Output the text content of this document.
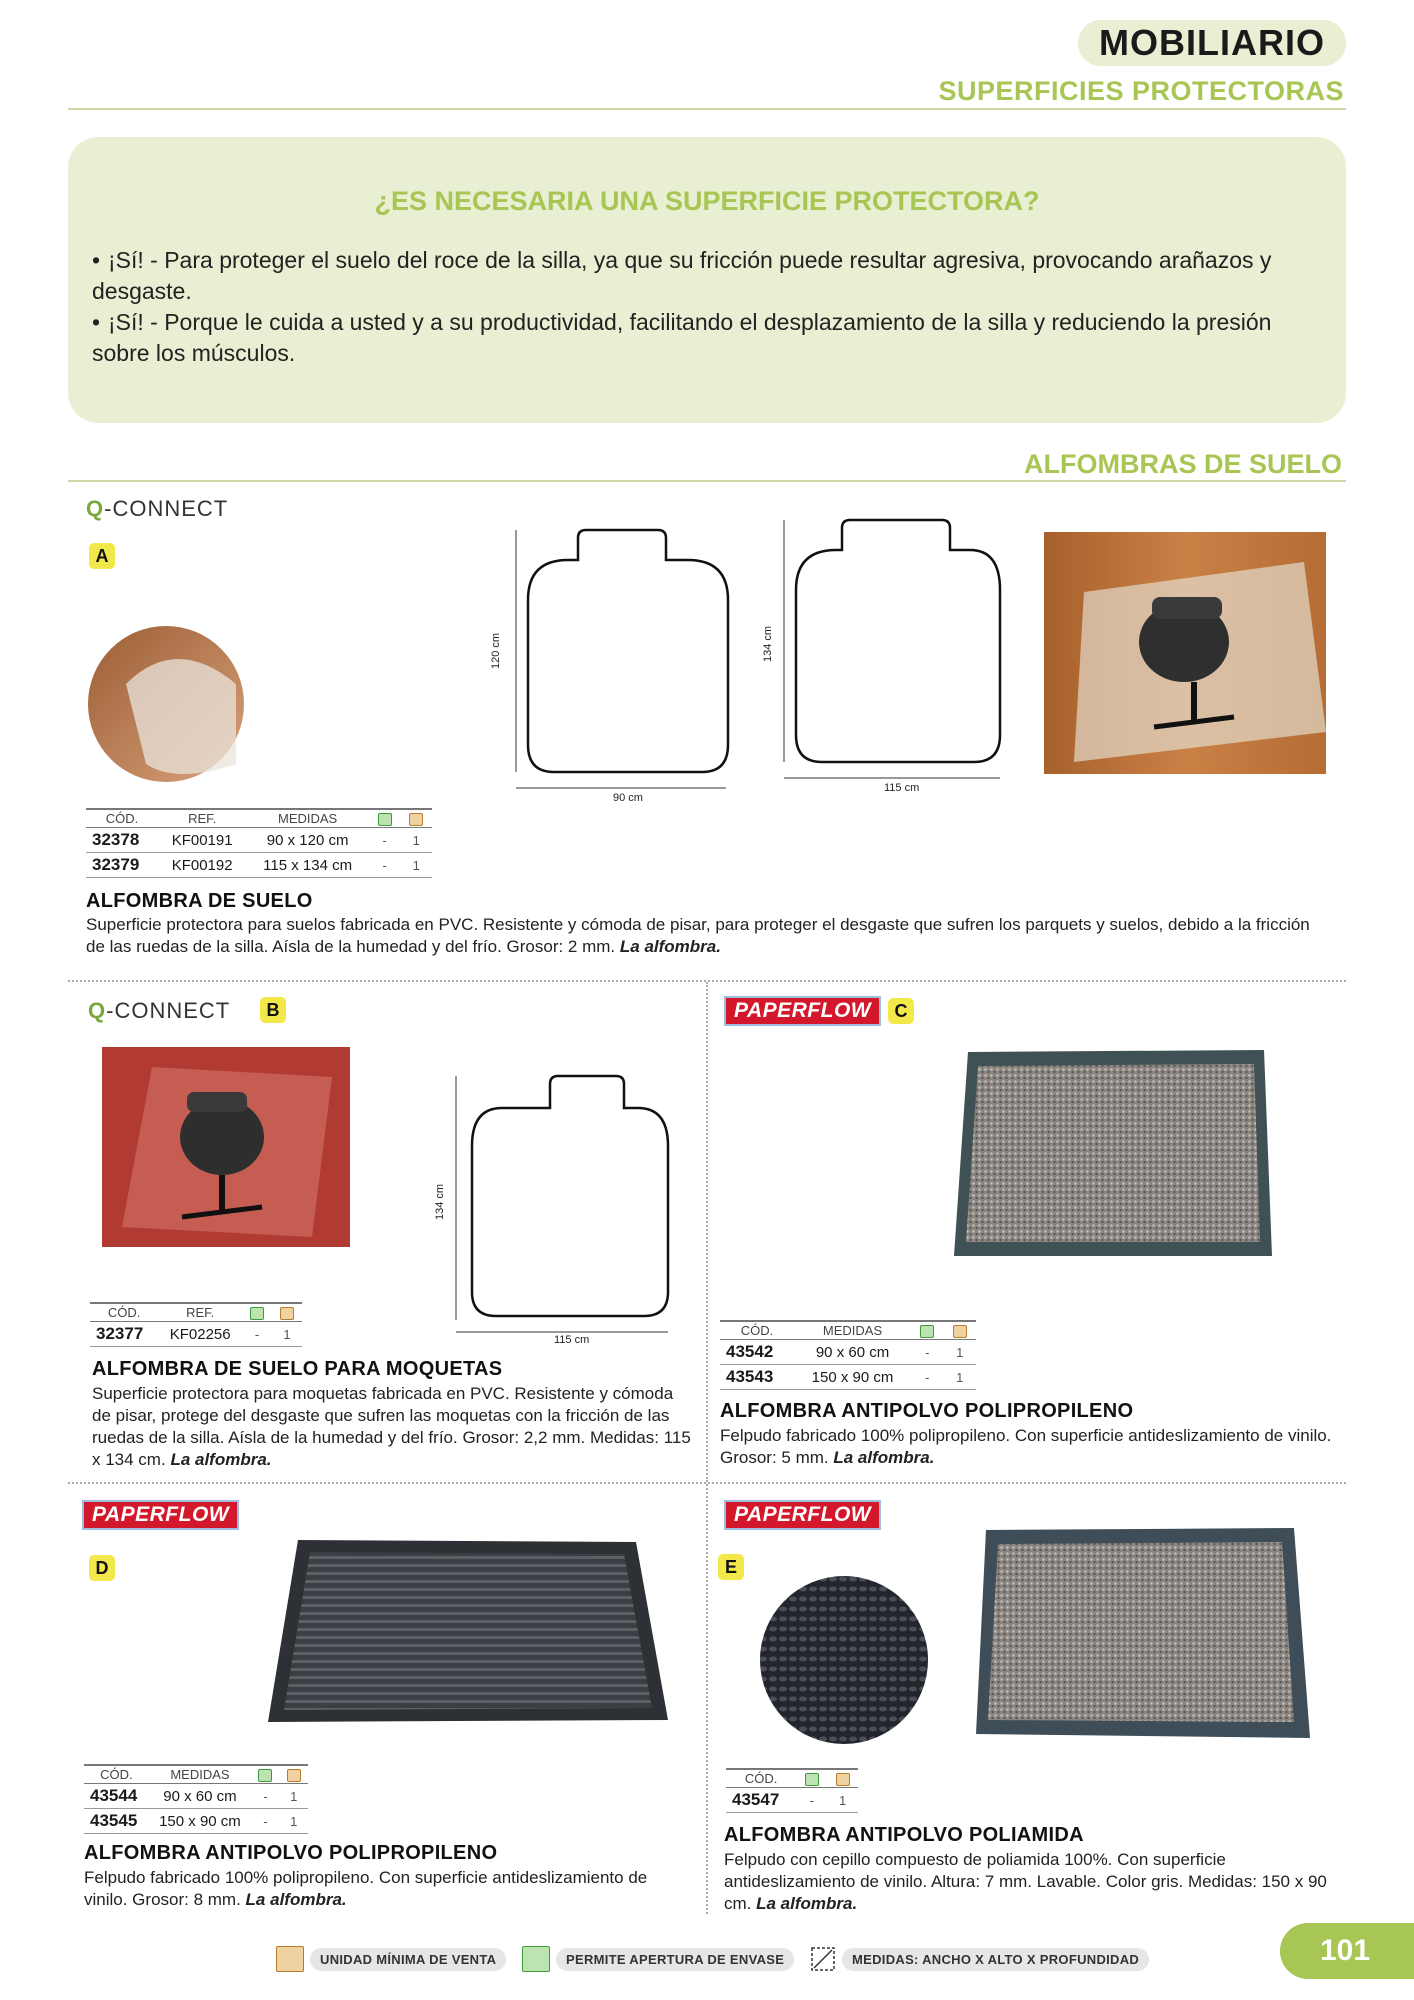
MOBILIARIO
SUPERFICIES PROTECTORAS
¿ES NECESARIA UNA SUPERFICIE PROTECTORA?
• ¡Sí! - Para proteger el suelo del roce de la silla, ya que su fricción puede resultar agresiva, provocando arañazos y desgaste.
• ¡Sí! - Porque le cuida a usted y a su productividad, facilitando el desplazamiento de la silla y reduciendo la presión sobre los músculos.
ALFOMBRAS DE SUELO
Q-CONNECT
A
120 cm
90 cm
134 cm
115 cm
CÓD.	REF.	MEDIDAS		
32378	KF00191	90 x 120 cm	-	1
32379	KF00192	115 x 134 cm	-	1
ALFOMBRA DE SUELO
Superficie protectora para suelos fabricada en PVC. Resistente y cómoda de pisar, para proteger el desgaste que sufren los parquets y suelos, debido a la fricción de las ruedas de la silla. Aísla de la humedad y del frío. Grosor: 2 mm. La alfombra.
Q-CONNECT	B
134 cm
115 cm
CÓD.	REF.		
32377	KF02256	-	1
ALFOMBRA DE SUELO PARA MOQUETAS
Superficie protectora para moquetas fabricada en PVC. Resistente y cómoda de pisar, protege del desgaste que sufren las moquetas con la fricción de las ruedas de la silla. Aísla de la humedad y del frío. Grosor: 2,2 mm. Medidas: 115 x 134 cm. La alfombra.
PAPERFLOW	C
CÓD.	MEDIDAS		
43542	90 x 60 cm	-	1
43543	150 x 90 cm	-	1
ALFOMBRA ANTIPOLVO POLIPROPILENO
Felpudo fabricado 100% polipropileno. Con superficie antideslizamiento de vinilo. Grosor: 5 mm. La alfombra.
PAPERFLOW
D
CÓD.	MEDIDAS		
43544	90 x 60 cm	-	1
43545	150 x 90 cm	-	1
ALFOMBRA ANTIPOLVO POLIPROPILENO
Felpudo fabricado 100% polipropileno. Con superficie antideslizamiento de vinilo. Grosor: 8 mm. La alfombra.
PAPERFLOW
E
CÓD.		
43547	-	1
ALFOMBRA ANTIPOLVO POLIAMIDA
Felpudo con cepillo compuesto de poliamida 100%. Con superficie antideslizamiento de vinilo. Altura: 7 mm. Lavable. Color gris. Medidas: 150 x 90 cm. La alfombra.
UNIDAD MÍNIMA DE VENTA	PERMITE APERTURA DE ENVASE	MEDIDAS: ANCHO X ALTO X PROFUNDIDAD	101
